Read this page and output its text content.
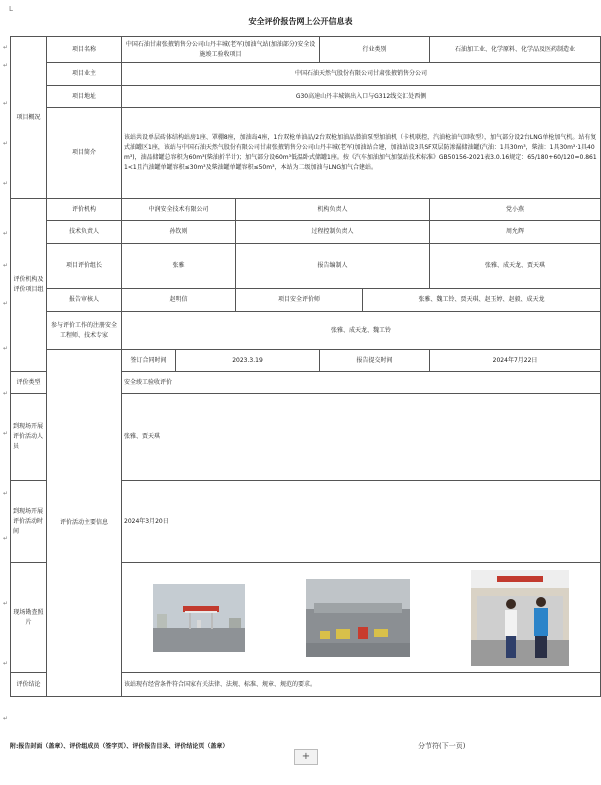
L
安全评价报告网上公开信息表
项目概况	项目名称	中国石油甘肃张掖销售分公司山丹丰城(老军)加油气站(加油部分)安全设施竣工验收项目			行业类别		石油加工业、化学原料、化学品及医药制造业
	项目业主	中国石油天然气股份有限公司甘肃张掖销售分公司					
	项目地址	G30高速山丹丰城镇出入口与G312线交汇处西侧					
	项目简介	该站共设单层砖体结构站房1座、罩棚8座，加油岛4座，1台双枪单油品/2台双枪加油品潜油泵型加油机（卡机联控，汽油枪油气回收型），加气部分设2台LNG单枪加气机。站有复式油罐区1座，该站与中国石油天然气股份有限公司甘肃张掖销售分公司山丹丰城(老军)加油站合建，加油站设3具SF双层防渗漏储油罐(汽油：1具30m³，柴油：1具30m³·1具40m³)，油品储罐总容积为60m³(柴油折半计)；加气部分设60m³低温卧式储罐1座。按《汽车加油加气加氢站技术标准》GB50156-2021表3.0.16规定：65/180+60/120=0.8611<1且汽油罐单罐容积≤30m³及柴油罐单罐容积≤50m³，本站为二级加油与LNG加气合建站。					
评价机构及评价项目组	评价机构	中润安全技术有限公司		机构负责人			党小燕
	技术负责人	孙钦则		过程控制负责人			周允辉
	项目评价组长	张雅		报告编制人			张雅、成天龙、贾天琪
	报告审核人	赵明信		项目安全评价师		张雅、魏工铃、贾天琪、赵玉婷、赵毅、成天龙	
	参与评价工作的注册安全工程师、技术专家	张雅、成天龙、魏工铃					
	评价活动主要信息	签订合同时间	2023.3.19		报告提交时间		2024年7月22日
评价类型		安全竣工验收评价					
到现场开展评价活动人员		张雅、贾天琪					
到现场开展评价活动时间		2024年3月20日					
现场勘查照片	

评价结论		该站现有经营条件符合国家有关法律、法规、标准、规章、规范的要求。					
附:报告封面（盖章）、评价组成员（签字页）、评价报告目录、评价结论页（盖章）	分节符(下一页)
+
↵
↵
↵
↵
↵
↵
↵
↵
↵
↵
↵
↵
↵
↵
↵
↵
